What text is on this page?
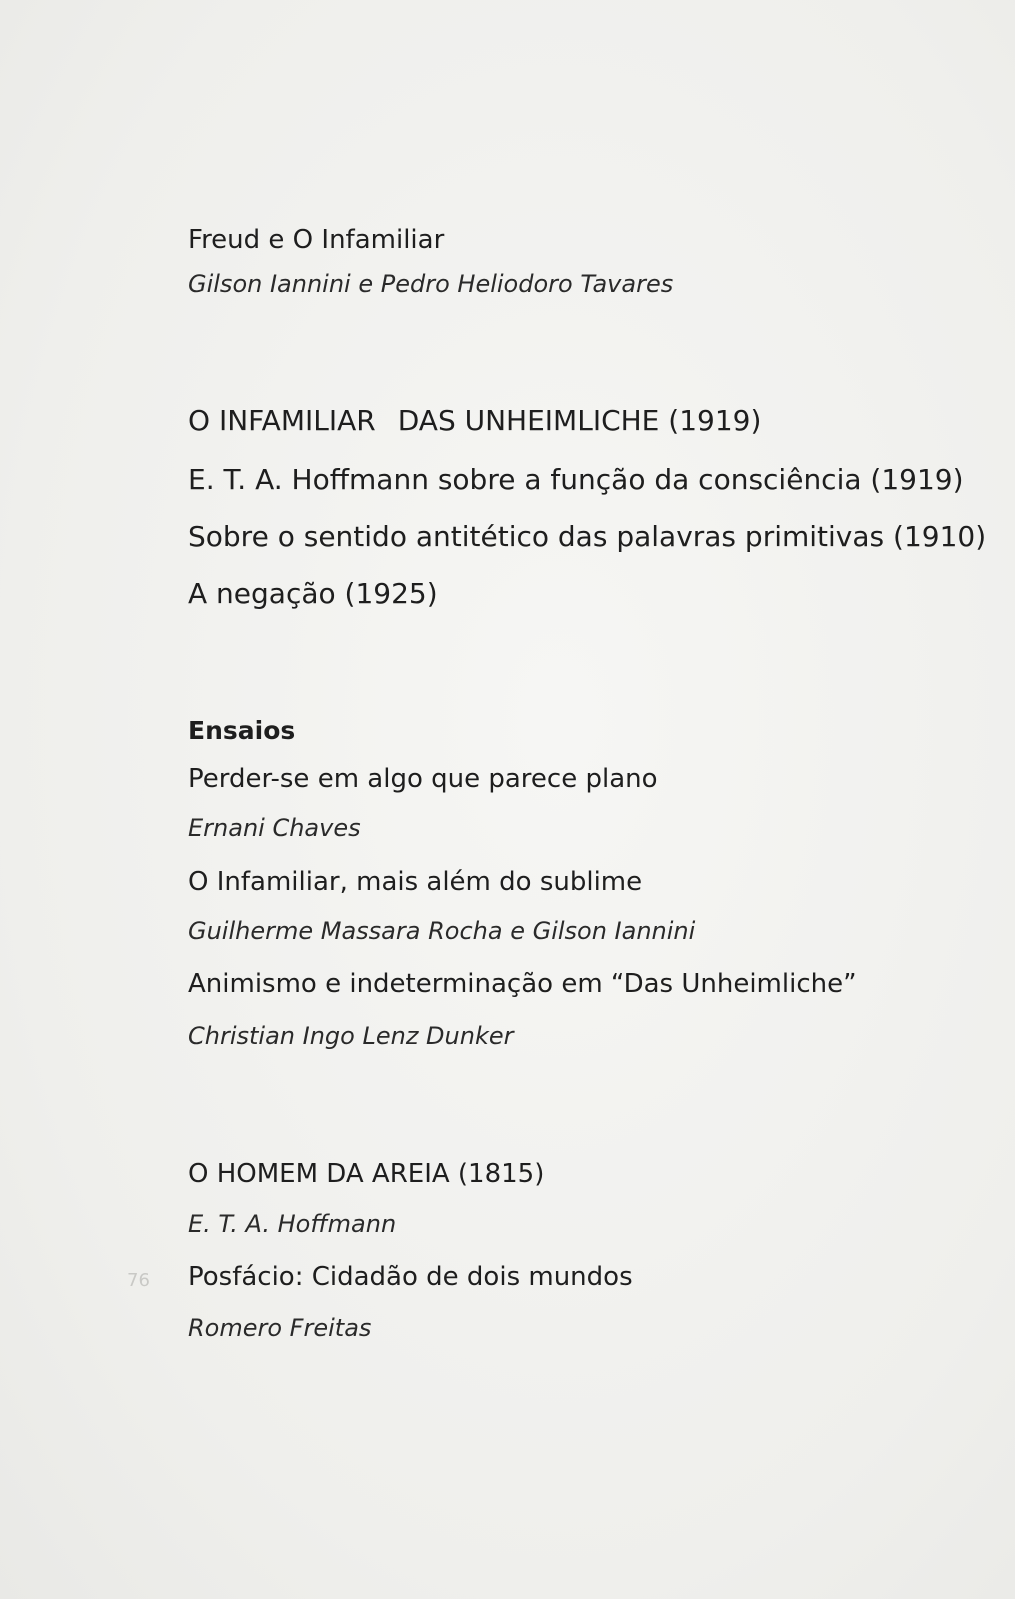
Freud e O Infamiliar
Gilson Iannini e Pedro Heliodoro Tavares
O INFAMILIAR DAS UNHEIMLICHE (1919)
E. T. A. Hoffmann sobre a função da consciência (1919)
Sobre o sentido antitético das palavras primitivas (1910)
A negação (1925)
Ensaios
Perder-se em algo que parece plano
Ernani Chaves
O Infamiliar, mais além do sublime
Guilherme Massara Rocha e Gilson Iannini
Animismo e indeterminação em “Das Unheimliche”
Christian Ingo Lenz Dunker
O HOMEM DA AREIA (1815)
E. T. A. Hoffmann
Posfácio: Cidadão de dois mundos
Romero Freitas
76
